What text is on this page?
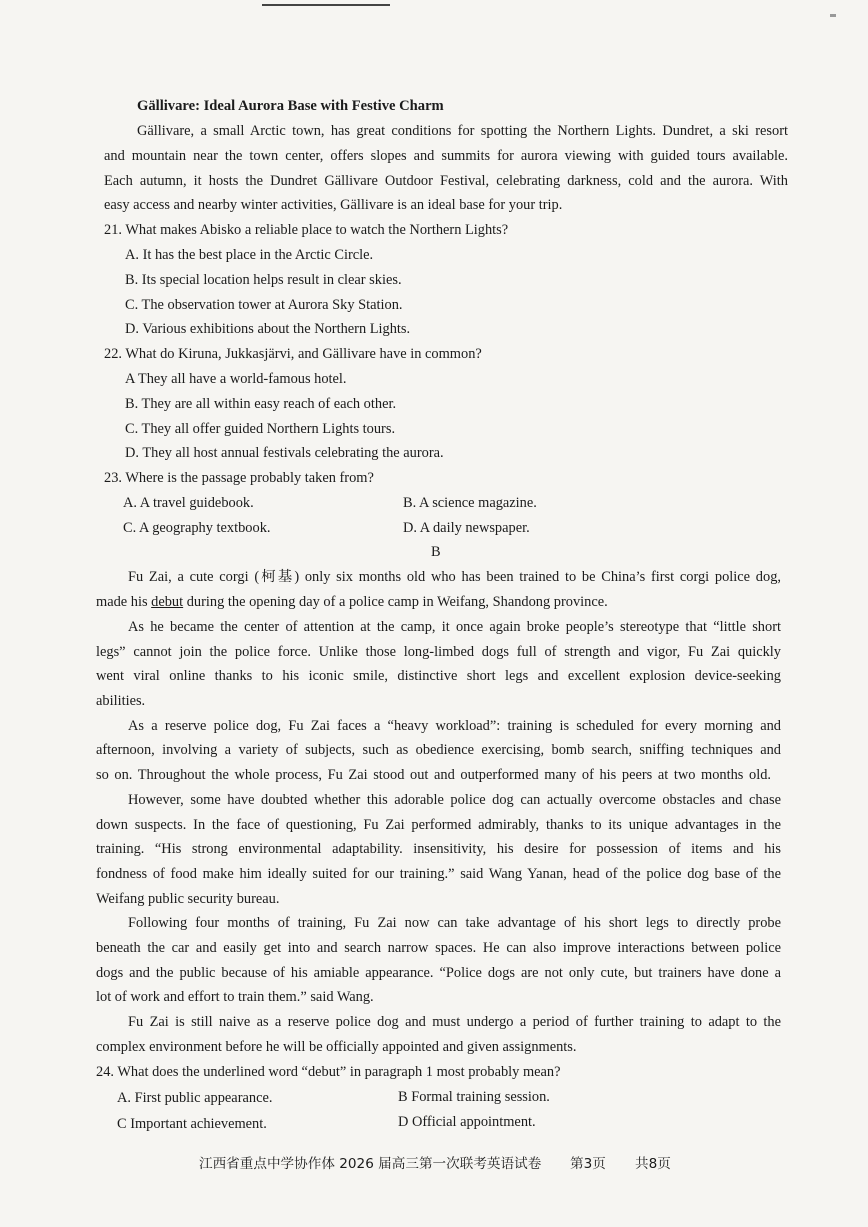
Gällivare: Ideal Aurora Base with Festive Charm
Gällivare, a small Arctic town, has great conditions for spotting the Northern Lights. Dundret, a ski resort
and mountain near the town center, offers slopes and summits for aurora viewing with guided tours available.
Each autumn, it hosts the Dundret Gällivare Outdoor Festival, celebrating darkness, cold and the aurora. With
easy access and nearby winter activities, Gällivare is an ideal base for your trip.
21. What makes Abisko a reliable place to watch the Northern Lights?
A. It has the best place in the Arctic Circle.
B. Its special location helps result in clear skies.
C. The observation tower at Aurora Sky Station.
D. Various exhibitions about the Northern Lights.
22. What do Kiruna, Jukkasjärvi, and Gällivare have in common?
A They all have a world-famous hotel.
B. They are all within easy reach of each other.
C. They all offer guided Northern Lights tours.
D. They all host annual festivals celebrating the aurora.
23. Where is the passage probably taken from?
A. A travel guidebook.	B. A science magazine.
C. A geography textbook.	D. A daily newspaper.
B
Fu Zai, a cute corgi (柯基) only six months old who has been trained to be China’s first corgi police dog,
made his debut during the opening day of a police camp in Weifang, Shandong province.
As he became the center of attention at the camp, it once again broke people’s stereotype that “little short
legs” cannot join the police force. Unlike those long-limbed dogs full of strength and vigor, Fu Zai quickly
went viral online thanks to his iconic smile, distinctive short legs and excellent explosion device-seeking
abilities.
As a reserve police dog, Fu Zai faces a “heavy workload”: training is scheduled for every morning and
afternoon, involving a variety of subjects, such as obedience exercising, bomb search, sniffing techniques and
so on. Throughout the whole process, Fu Zai stood out and outperformed many of his peers at two months old.
However, some have doubted whether this adorable police dog can actually overcome obstacles and chase
down suspects. In the face of questioning, Fu Zai performed admirably, thanks to its unique advantages in the
training. “His strong environmental adaptability. insensitivity, his desire for possession of items and his
fondness of food make him ideally suited for our training.” said Wang Yanan, head of the police dog base of the
Weifang public security bureau.
Following four months of training, Fu Zai now can take advantage of his short legs to directly probe
beneath the car and easily get into and search narrow spaces. He can also improve interactions between police
dogs and the public because of his amiable appearance. “Police dogs are not only cute, but trainers have done a
lot of work and effort to train them.” said Wang.
Fu Zai is still naive as a reserve police dog and must undergo a period of further training to adapt to the
complex environment before he will be officially appointed and given assignments.
24. What does the underlined word “debut” in paragraph 1 most probably mean?
A. First public appearance.	B Formal training session.
C Important achievement.	D Official appointment.
江西省重点中学协作体 2026 届高三第一次联考英语试卷 第3页 共8页
